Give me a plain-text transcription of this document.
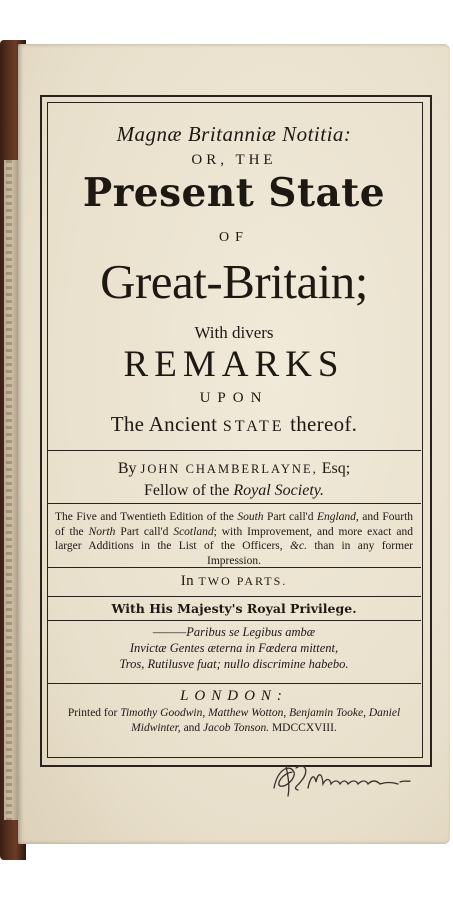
Magnæ Britanniæ Notitia:
OR, THE
Present State
OF
Great-Britain;
With divers
REMARKS
UPON
The Ancient STATE thereof.
By JOHN CHAMBERLAYNE, Esq;
Fellow of the Royal Society.
The Five and Twentieth Edition of the South Part call'd England, and Fourth of the North Part call'd Scotland; with Improvement, and more exact and larger Additions in the List of the Officers, &c. than in any former Impression.
In TWO PARTS.
With His Majesty's Royal Privilege.
———Paribus se Legibus ambæ
Invictæ Gentes æterna in Fœdera mittent,
Tros, Rutilusve fuat; nullo discrimine habebo.
LONDON:
Printed for Timothy Goodwin, Matthew Wotton, Benjamin Tooke, Daniel Midwinter, and Jacob Tonson. MDCCXVIII.
